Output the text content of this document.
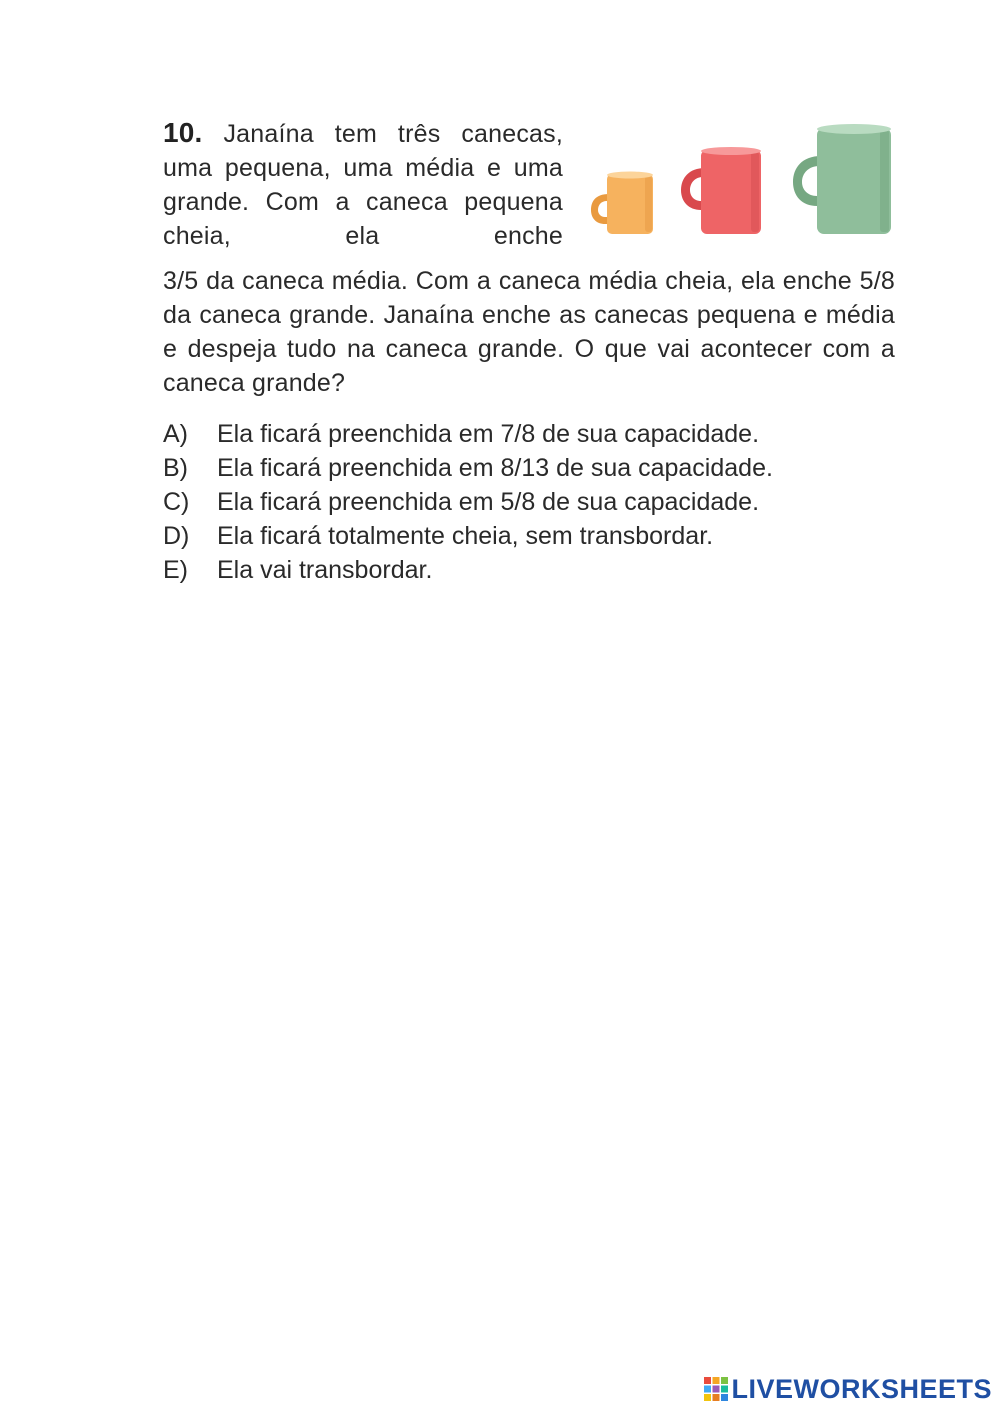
10. Janaína tem três canecas, uma pequena, uma média e uma grande. Com a caneca pequena cheia, ela enche
3/5 da caneca média. Com a caneca média cheia, ela enche 5/8 da caneca grande. Janaína enche as canecas pequena e média e despeja tudo na caneca grande. O que vai acontecer com a caneca grande?
A)	Ela ficará preenchida em 7/8 de sua capacidade.
B)	Ela ficará preenchida em 8/13 de sua capacidade.
C)	Ela ficará preenchida em 5/8 de sua capacidade.
D)	Ela ficará totalmente cheia, sem transbordar.
E)	Ela vai transbordar.
LIVEWORKSHEETS
